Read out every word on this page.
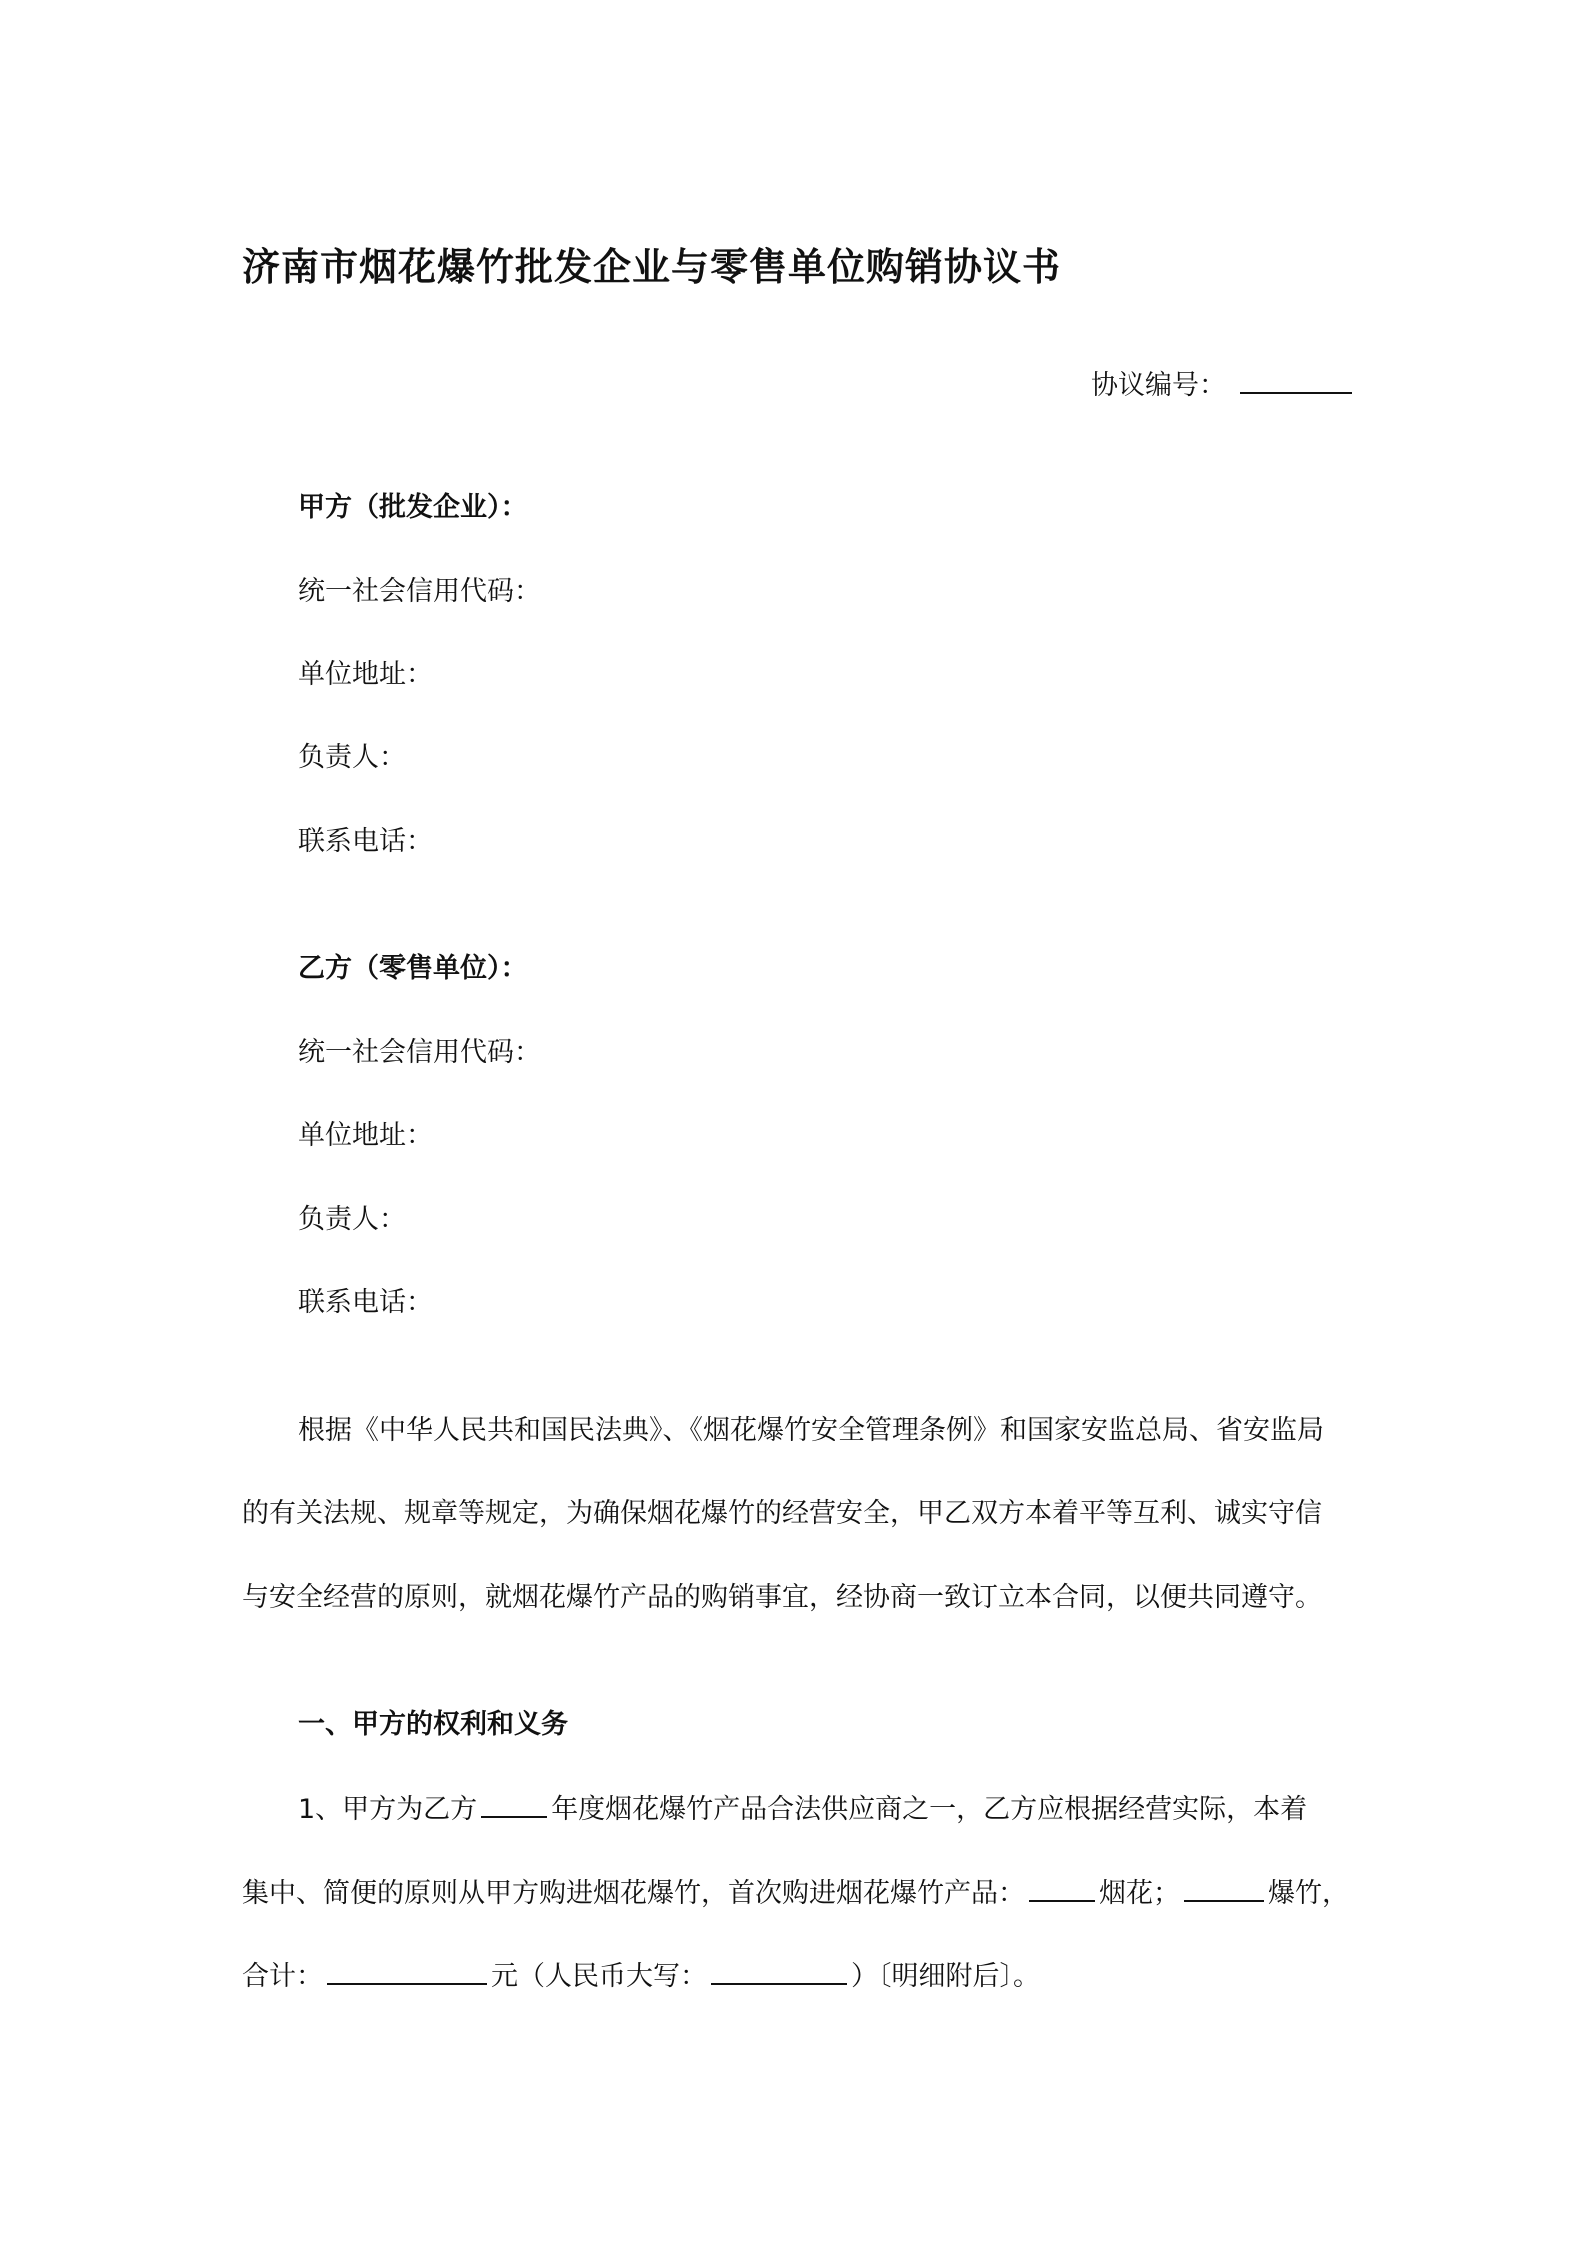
济南市烟花爆竹批发企业与零售单位购销协议书
协议编号：
甲方（批发企业）：
统一社会信用代码：
单位地址：
负责人：
联系电话：
乙方（零售单位）：
统一社会信用代码：
单位地址：
负责人：
联系电话：
根据《中华人民共和国民法典》、《烟花爆竹安全管理条例》和国家安监总局、省安监局
的有关法规、规章等规定，为确保烟花爆竹的经营安全，甲乙双方本着平等互利、诚实守信
与安全经营的原则，就烟花爆竹产品的购销事宜，经协商一致订立本合同，以便共同遵守。
一、甲方的权利和义务
1、甲方为乙方	年度烟花爆竹产品合法供应商之一，乙方应根据经营实际，本着
集中、简便的原则从甲方购进烟花爆竹，首次购进烟花爆竹产品：	烟花；	爆竹，
合计：	元（人民币大写：	）〔明细附后〕。
